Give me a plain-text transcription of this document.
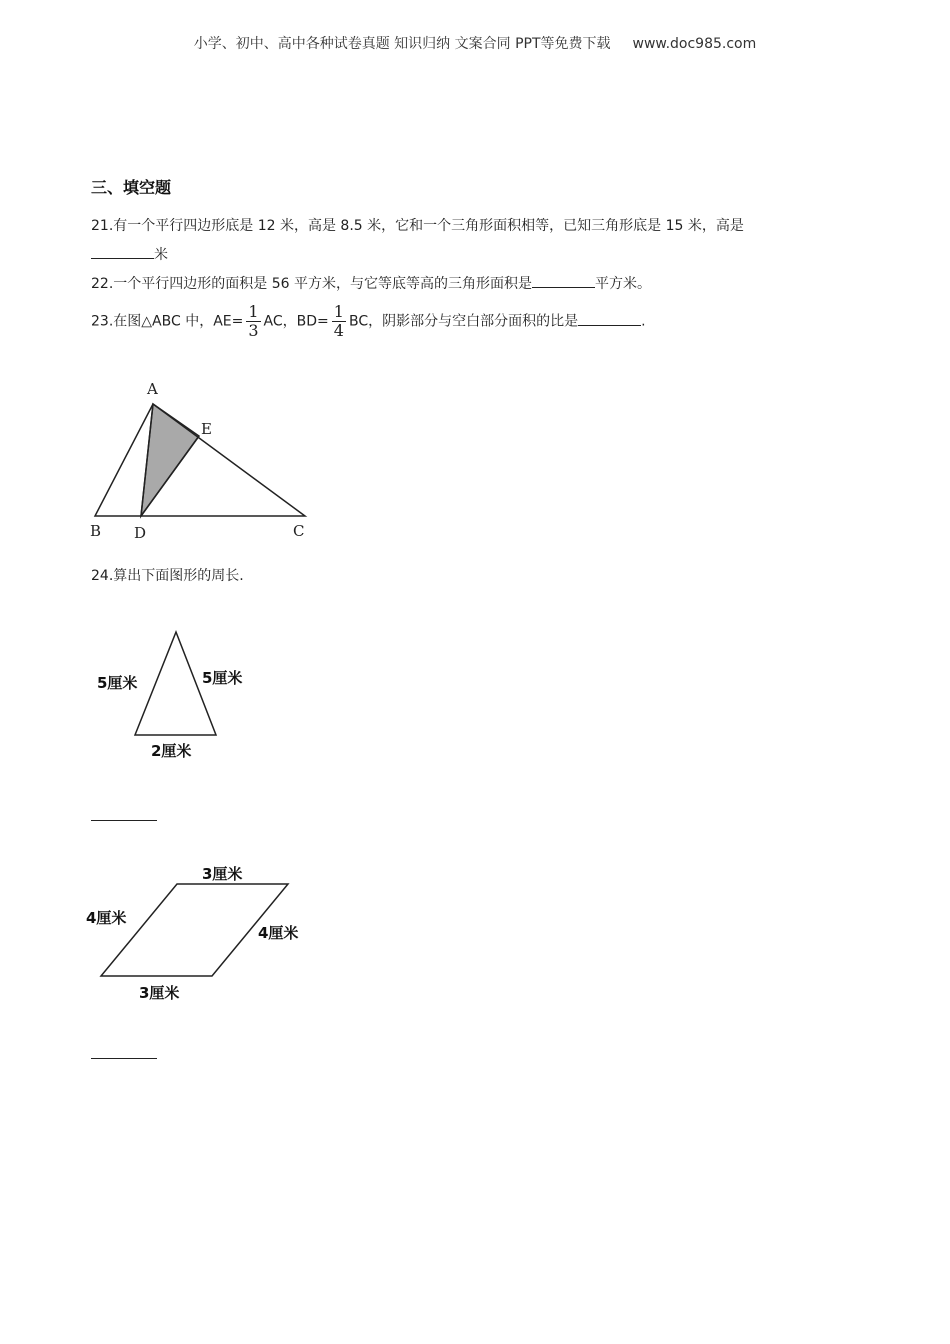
小学、初中、高中各种试卷真题 知识归纳 文案合同 PPT等免费下载 www.doc985.com
三、填空题
21.有一个平行四边形底是 12 米，高是 8.5 米，它和一个三角形面积相等，已知三角形底是 15 米，高是
米
22.一个平行四边形的面积是 56 平方米，与它等底等高的三角形面积是	平方米。
23.在图△ABC 中，$AE= \frac{1}{3}$ AC，$BD= \frac{1}{4}$ BC，阴影部分与空白部分面积的比是	.
A
E
B D	C
24.算出下面图形的周长.
5厘米	5厘米
2厘米
3厘米
4厘米
4厘米
3厘米
